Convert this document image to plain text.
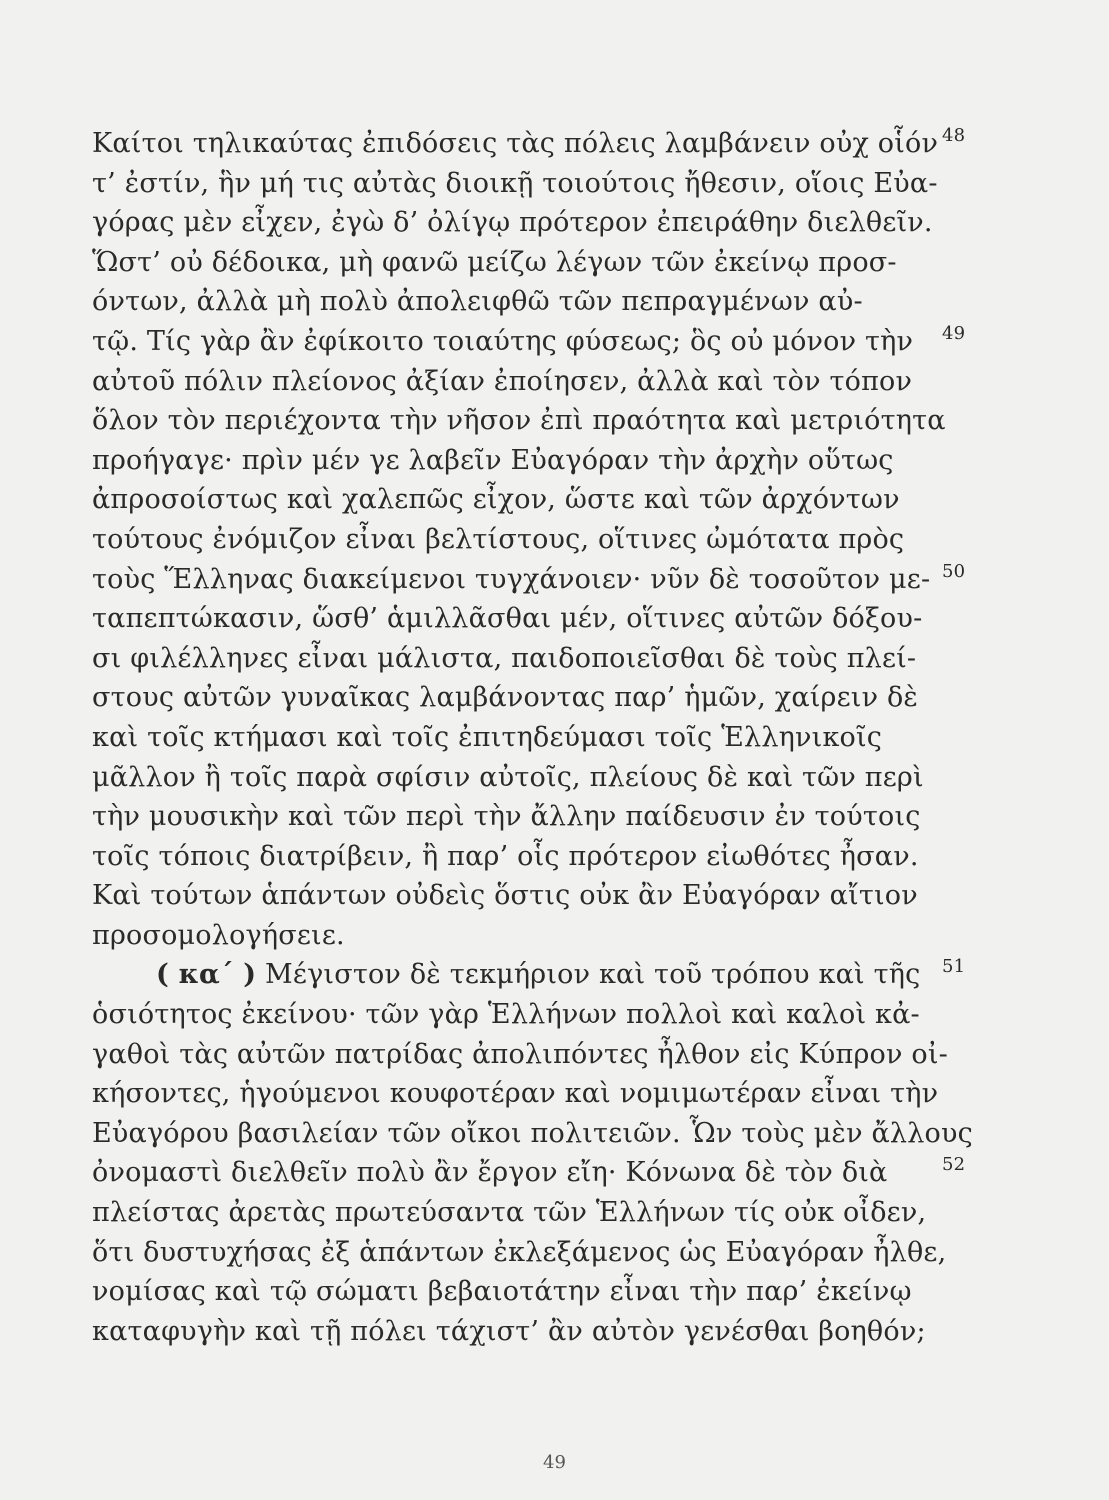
Καίτοι τηλικαύτας ἐπιδόσεις τὰς πόλεις λαμβάνειν οὐχ οἷόν 48
τ’ ἐστίν, ἣν μή τις αὐτὰς διοικῇ τοιούτοις ἤθεσιν, οἵοις Εὐα-
γόρας μὲν εἶχεν, ἐγὼ δ’ ὀλίγῳ πρότερον ἐπειράθην διελθεῖν.
Ὥστ’ οὐ δέδοικα, μὴ φανῶ μείζω λέγων τῶν ἐκείνῳ προσ-
όντων, ἀλλὰ μὴ πολὺ ἀπολειφθῶ τῶν πεπραγμένων αὐ-
τῷ. Τίς γὰρ ἂν ἐφίκοιτο τοιαύτης φύσεως; ὃς οὐ μόνον τὴν 49
αὐτοῦ πόλιν πλείονος ἀξίαν ἐποίησεν, ἀλλὰ καὶ τὸν τόπον
ὅλον τὸν περιέχοντα τὴν νῆσον ἐπὶ πραότητα καὶ μετριότητα
προήγαγε· πρὶν μέν γε λαβεῖν Εὐαγόραν τὴν ἀρχὴν οὕτως
ἀπροσοίστως καὶ χαλεπῶς εἶχον, ὥστε καὶ τῶν ἀρχόντων
τούτους ἐνόμιζον εἶναι βελτίστους, οἵτινες ὠμότατα πρὸς
τοὺς Ἕλληνας διακείμενοι τυγχάνοιεν· νῦν δὲ τοσοῦτον με- 50
ταπεπτώκασιν, ὥσθ’ ἁμιλλᾶσθαι μέν, οἵτινες αὐτῶν δόξου-
σι φιλέλληνες εἶναι μάλιστα, παιδοποιεῖσθαι δὲ τοὺς πλεί-
στους αὐτῶν γυναῖκας λαμβάνοντας παρ’ ἡμῶν, χαίρειν δὲ
καὶ τοῖς κτήμασι καὶ τοῖς ἐπιτηδεύμασι τοῖς Ἑλληνικοῖς
μᾶλλον ἢ τοῖς παρὰ σφίσιν αὐτοῖς, πλείους δὲ καὶ τῶν περὶ
τὴν μουσικὴν καὶ τῶν περὶ τὴν ἄλλην παίδευσιν ἐν τούτοις
τοῖς τόποις διατρίβειν, ἢ παρ’ οἷς πρότερον εἰωθότες ἦσαν.
Καὶ τούτων ἁπάντων οὐδεὶς ὅστις οὐκ ἂν Εὐαγόραν αἴτιον
προσομολογήσειε.
( κα΄ ) Μέγιστον δὲ τεκμήριον καὶ τοῦ τρόπου καὶ τῆς 51
ὁσιότητος ἐκείνου· τῶν γὰρ Ἑλλήνων πολλοὶ καὶ καλοὶ κἀ-
γαθοὶ τὰς αὐτῶν πατρίδας ἀπολιπόντες ἦλθον εἰς Κύπρον οἰ-
κήσοντες, ἡγούμενοι κουφοτέραν καὶ νομιμωτέραν εἶναι τὴν
Εὐαγόρου βασιλείαν τῶν οἴκοι πολιτειῶν. Ὧν τοὺς μὲν ἄλλους
ὀνομαστὶ διελθεῖν πολὺ ἂν ἔργον εἴη· Κόνωνα δὲ τὸν διὰ	52
πλείστας ἀρετὰς πρωτεύσαντα τῶν Ἑλλήνων τίς οὐκ οἶδεν,
ὅτι δυστυχήσας ἐξ ἁπάντων ἐκλεξάμενος ὡς Εὐαγόραν ἦλθε,
νομίσας καὶ τῷ σώματι βεβαιοτάτην εἶναι τὴν παρ’ ἐκείνῳ
καταφυγὴν καὶ τῇ πόλει τάχιστ’ ἂν αὐτὸν γενέσθαι βοηθόν;
49
